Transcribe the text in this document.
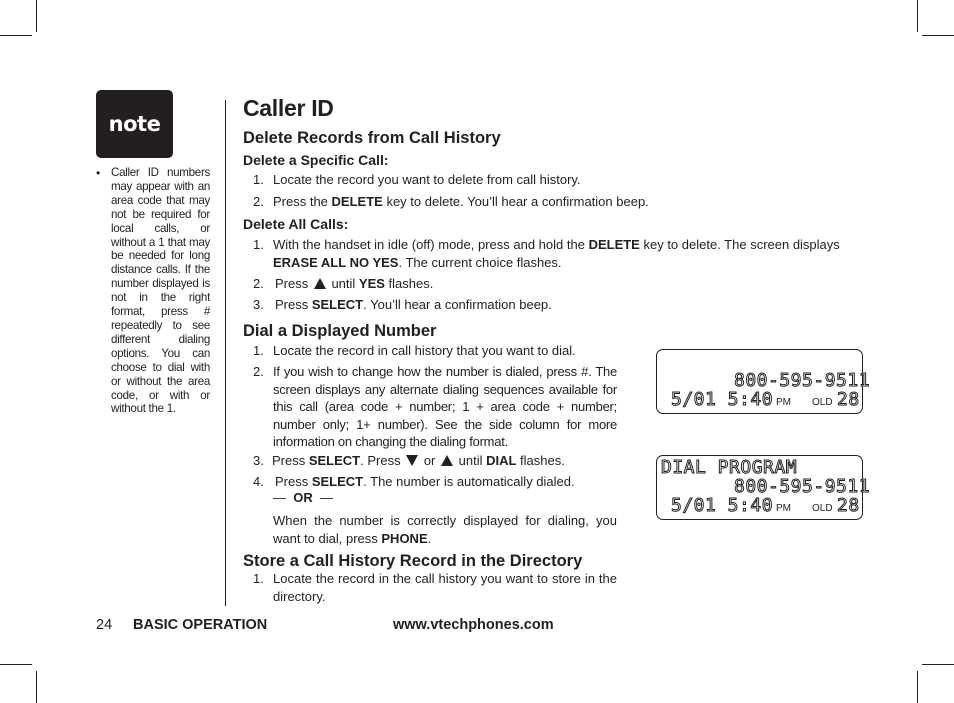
note
• Caller ID numbers may appear with an area code that may not be required for local calls, or without a 1 that may be needed for long distance calls. If the number displayed is not in the right format, press # repeatedly to see different dialing options. You can choose to dial with or without the area code, or with or without the 1.
Caller ID
Delete Records from Call History
Delete a Specific Call:
1. Locate the record you want to delete from call history.
2. Press the DELETE key to delete. You’ll hear a confirmation beep.
Delete All Calls:
1. With the handset in idle (off) mode, press and hold the DELETE key to delete. The screen displays ERASE ALL NO YES. The current choice flashes.
2. Press  until YES flashes.
3. Press SELECT. You’ll hear a confirmation beep.
Dial a Displayed Number
1. Locate the record in call history that you want to dial.
2. If you wish to change how the number is dialed, press #. The screen displays any alternate dialing sequences available for this call (area code + number; 1 + area code + number; number only; 1+ number). See the side column for more information on changing the dialing format.
3. Press SELECT. Press  or  until DIAL flashes.
4. Press SELECT. The number is automatically dialed.
— OR —
When the number is correctly displayed for dialing, you want to dial, press PHONE.
Store a Call History Record in the Directory
1. Locate the record in the call history you want to store in the directory.
800-595-9511
5/01 5:40 PM OLD 28
DIAL PROGRAM
800-595-9511
5/01 5:40 PM OLD 28
24 BASIC OPERATION	www.vtechphones.com
